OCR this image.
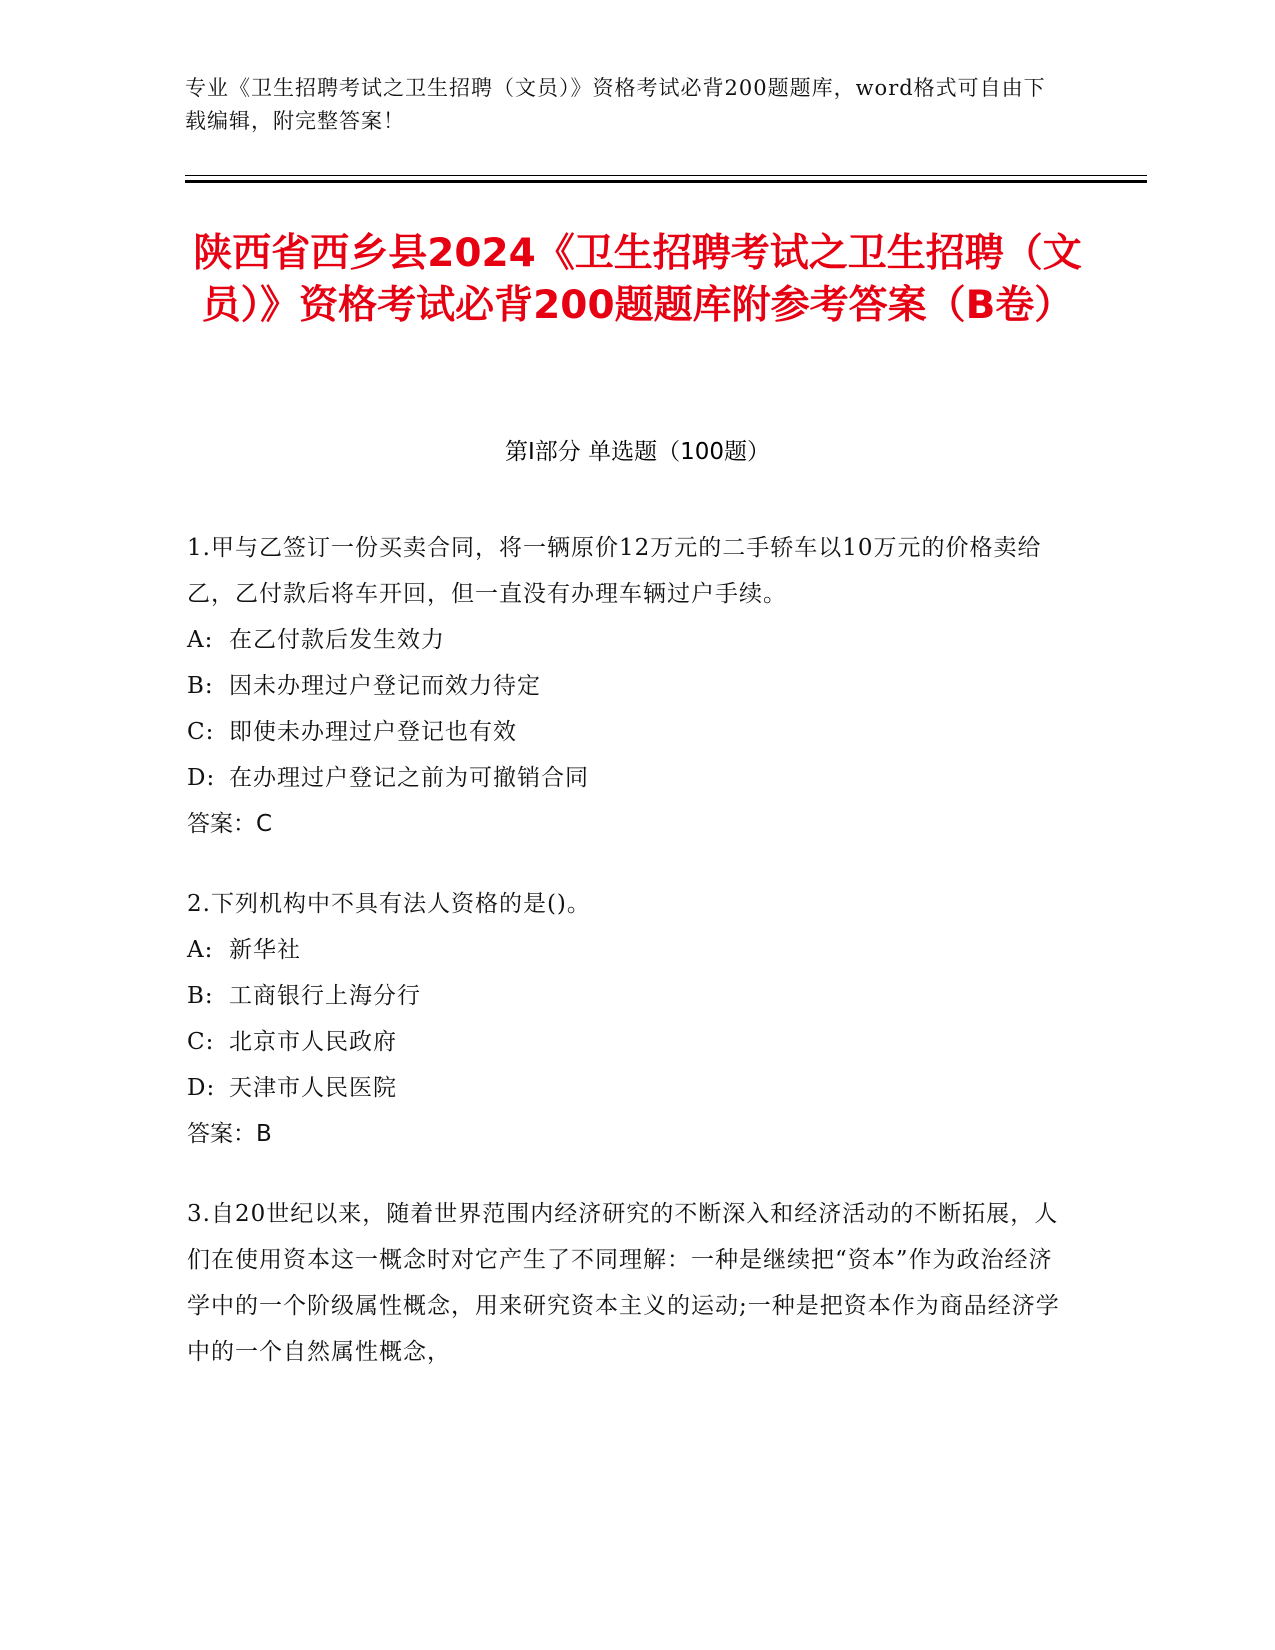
专业《卫生招聘考试之卫生招聘（文员）》资格考试必背200题题库，word格式可自由下载编辑，附完整答案！
陕西省西乡县2024《卫生招聘考试之卫生招聘（文员）》资格考试必背200题题库附参考答案（B卷）
第Ⅰ部分 单选题（100题）
1.甲与乙签订一份买卖合同，将一辆原价12万元的二手轿车以10万元的价格卖给乙，乙付款后将车开回，但一直没有办理车辆过户手续。
A: 在乙付款后发生效力
B: 因未办理过户登记而效力待定
C: 即使未办理过户登记也有效
D: 在办理过户登记之前为可撤销合同
答案：C
2.下列机构中不具有法人资格的是()。
A: 新华社
B: 工商银行上海分行
C: 北京市人民政府
D: 天津市人民医院
答案：B
3.自20世纪以来，随着世界范围内经济研究的不断深入和经济活动的不断拓展，人们在使用资本这一概念时对它产生了不同理解：一种是继续把“资本”作为政治经济学中的一个阶级属性概念，用来研究资本主义的运动;一种是把资本作为商品经济学中的一个自然属性概念，
